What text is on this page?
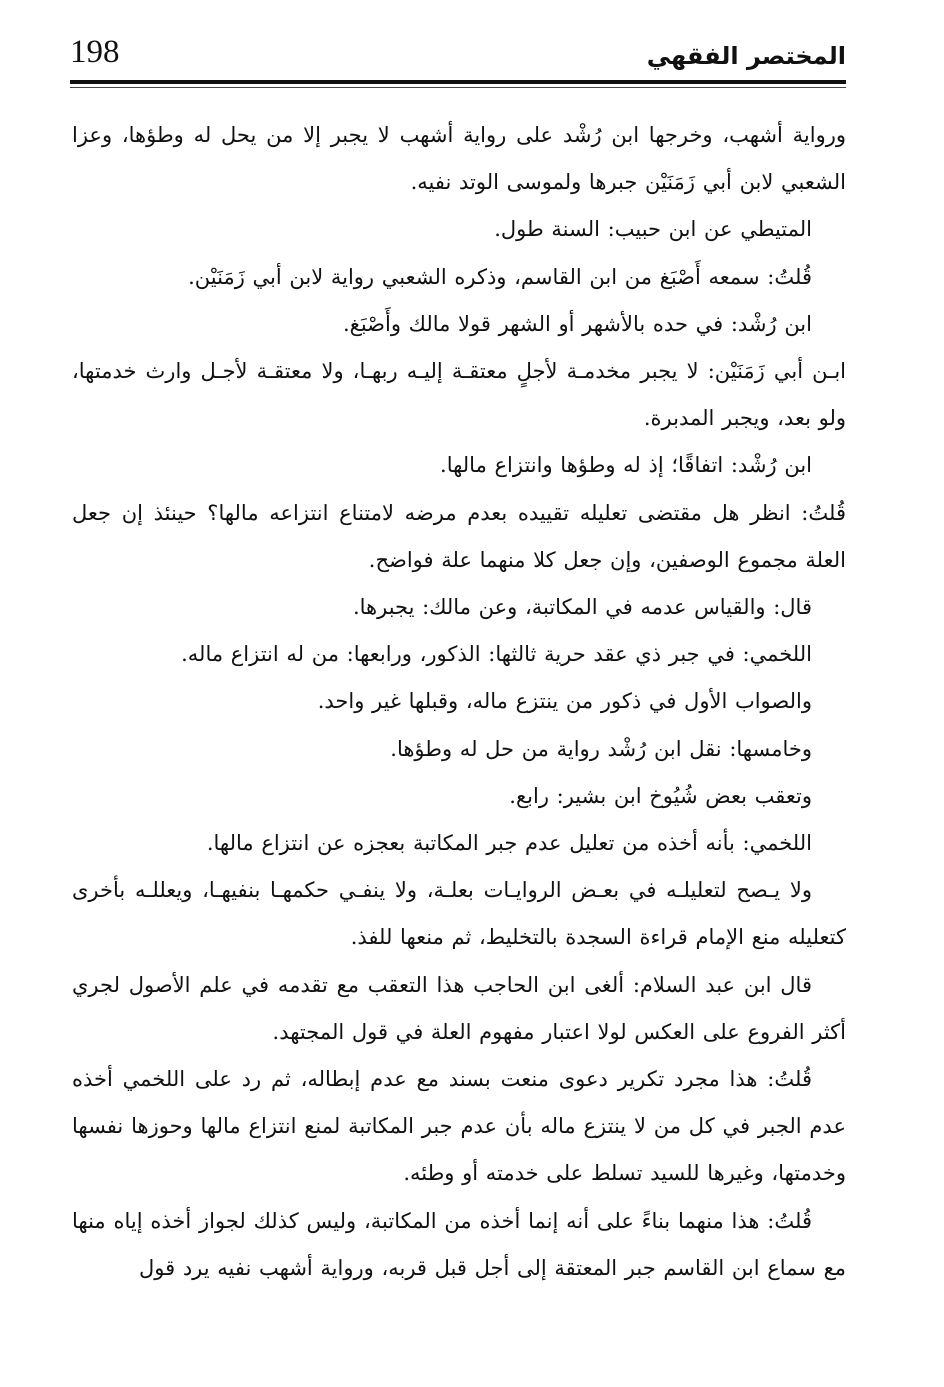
198	المختصر الفقهي

ورواية أشهب، وخرجها ابن رُشْد على رواية أشهب لا يجبر إلا من يحل له وطؤها، وعزا الشعبي لابن أبي زَمَنَيْن جبرها ولموسى الوتد نفيه.

المتيطي عن ابن حبيب: السنة طول.

قُلتُ: سمعه أَصْبَغ من ابن القاسم، وذكره الشعبي رواية لابن أبي زَمَنَيْن.

ابن رُشْد: في حده بالأشهر أو الشهر قولا مالك وأَصْبَغ.

ابـن أبي زَمَنَيْن: لا يجبر مخدمـة لأجلٍ معتقـة إليـه ربهـا، ولا معتقـة لأجـل وارث خدمتها، ولو بعد، ويجبر المدبرة.

ابن رُشْد: اتفاقًا؛ إذ له وطؤها وانتزاع مالها.

قُلتُ: انظر هل مقتضى تعليله تقييده بعدم مرضه لامتناع انتزاعه مالها؟ حينئذ إن جعل العلة مجموع الوصفين، وإن جعل كلا منهما علة فواضح.

قال: والقياس عدمه في المكاتبة، وعن مالك: يجبرها.

اللخمي: في جبر ذي عقد حرية ثالثها: الذكور، ورابعها: من له انتزاع ماله.

والصواب الأول في ذكور من ينتزع ماله، وقبلها غير واحد.

وخامسها: نقل ابن رُشْد رواية من حل له وطؤها.

وتعقب بعض شُيُوخ ابن بشير: رابع.

اللخمي: بأنه أخذه من تعليل عدم جبر المكاتبة بعجزه عن انتزاع مالها.

ولا يـصح لتعليلـه في بعـض الروايـات بعلـة، ولا ينفـي حكمهـا بنفيهـا، ويعللـه بأخرى كتعليله منع الإمام قراءة السجدة بالتخليط، ثم منعها للفذ.

قال ابن عبد السلام: ألغى ابن الحاجب هذا التعقب مع تقدمه في علم الأصول لجري أكثر الفروع على العكس لولا اعتبار مفهوم العلة في قول المجتهد.

قُلتُ: هذا مجرد تكرير دعوى منعت بسند مع عدم إبطاله، ثم رد على اللخمي أخذه عدم الجبر في كل من لا ينتزع ماله بأن عدم جبر المكاتبة لمنع انتزاع مالها وحوزها نفسها وخدمتها، وغيرها للسيد تسلط على خدمته أو وطئه.

قُلتُ: هذا منهما بناءً على أنه إنما أخذه من المكاتبة، وليس كذلك لجواز أخذه إياه منها مع سماع ابن القاسم جبر المعتقة إلى أجل قبل قربه، ورواية أشهب نفيه يرد قول
